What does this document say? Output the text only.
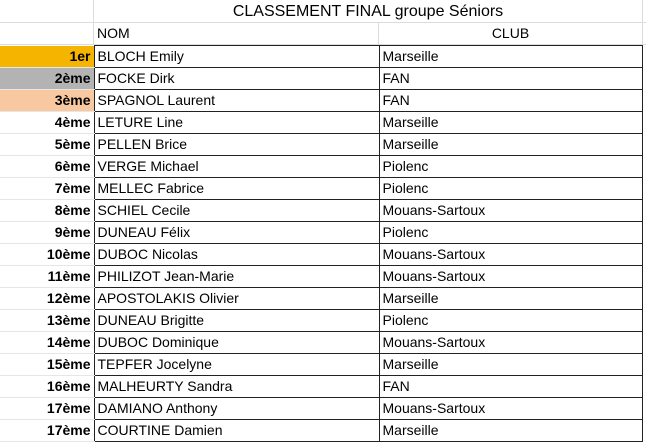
CLASSEMENT FINAL groupe Séniors
NOM	CLUB
1er	BLOCH Emily	Marseille
2ème	FOCKE Dirk	FAN
3ème	SPAGNOL Laurent	FAN
4ème	LETURE Line	Marseille
5ème	PELLEN Brice	Marseille
6ème	VERGE Michael	Piolenc
7ème	MELLEC Fabrice	Piolenc
8ème	SCHIEL Cecile	Mouans-Sartoux
9ème	DUNEAU Félix	Piolenc
10ème	DUBOC Nicolas	Mouans-Sartoux
11ème	PHILIZOT Jean-Marie	Mouans-Sartoux
12ème	APOSTOLAKIS Olivier	Marseille
13ème	DUNEAU Brigitte	Piolenc
14ème	DUBOC Dominique	Mouans-Sartoux
15ème	TEPFER Jocelyne	Marseille
16ème	MALHEURTY Sandra	FAN
17ème	DAMIANO Anthony	Mouans-Sartoux
17ème	COURTINE Damien	Marseille
